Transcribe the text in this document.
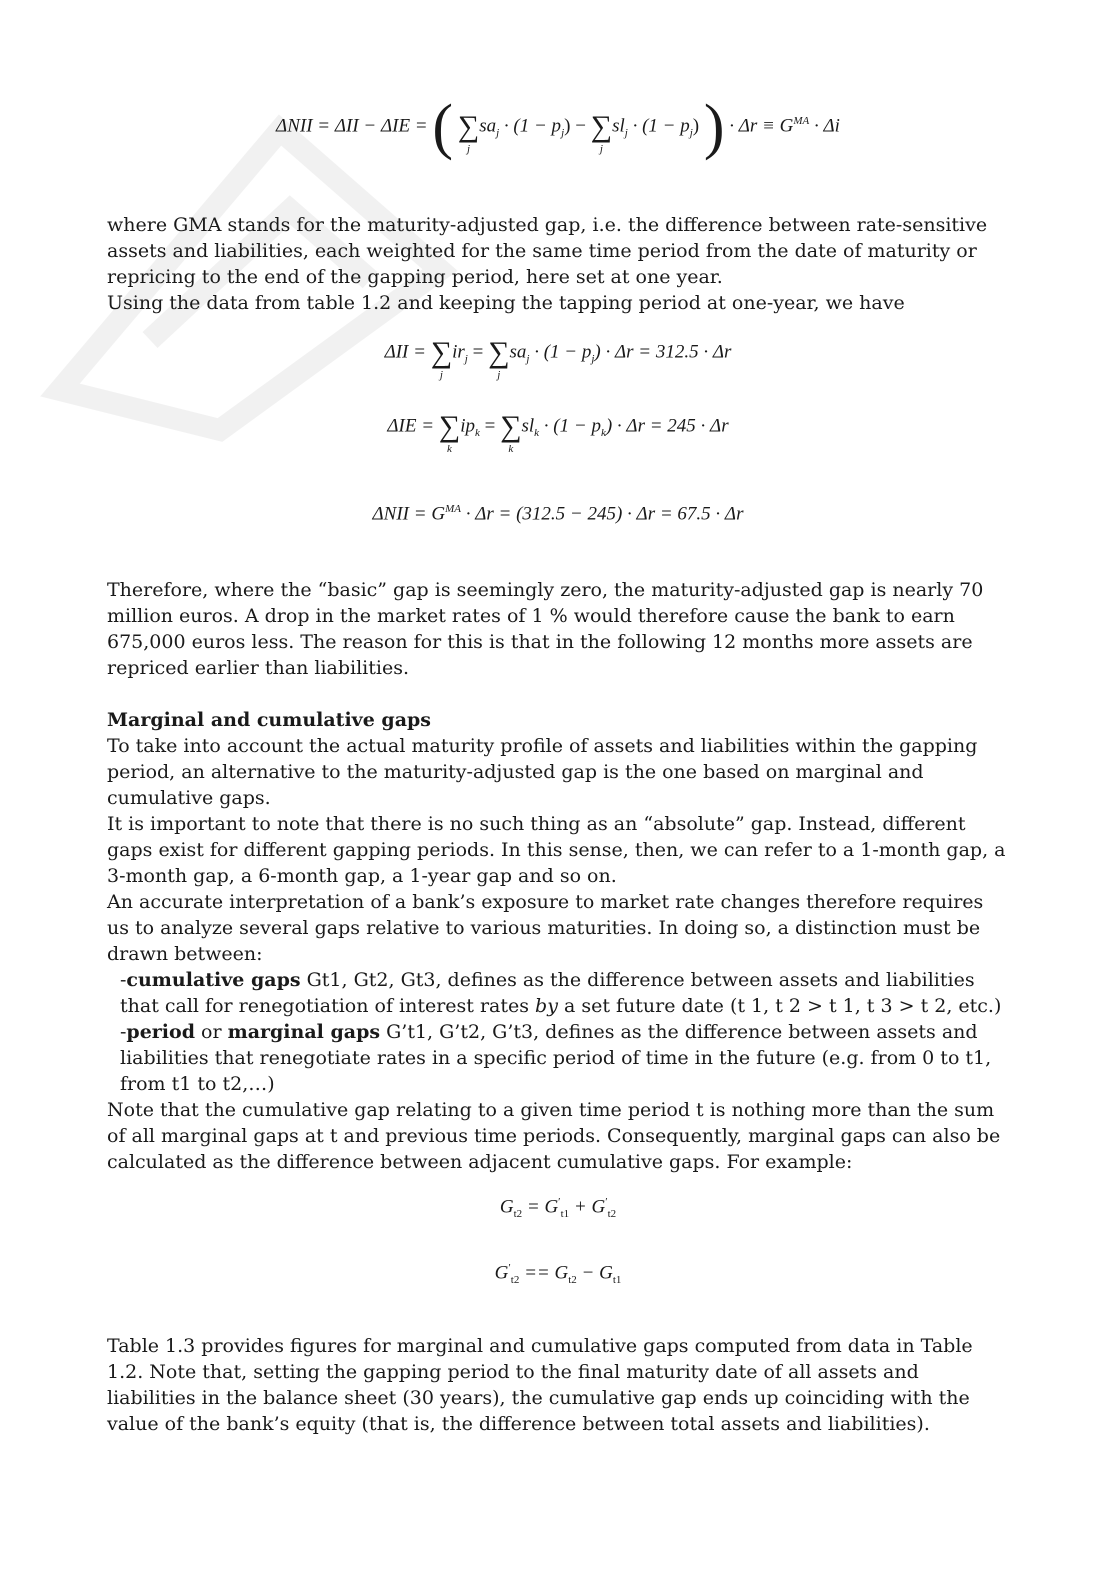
ΔNII = ΔII − ΔIE = ( ∑
j
$sa_j \cdot (1 - p_j)$ − ∑
j
$sl_j \cdot (1 - p_j)$ ) · $\Delta r \equiv G^{MA} \cdot \Delta i$

where GMA stands for the maturity-adjusted gap, i.e. the difference between rate-sensitive assets and liabilities, each weighted for the same time period from the date of maturity or repricing to the end of the gapping period, here set at one year.

Using the data from table 1.2 and keeping the tapping period at one-year, we have

ΔII = ∑
j
$ir_j$ = ∑
j
$sa_j \cdot (1 - p_j) \cdot \Delta r = 312.5 \cdot \Delta r$
ΔIE = ∑
k
$ip_k$ = ∑
k
$sl_k \cdot (1 - p_k) \cdot \Delta r = 245 \cdot \Delta r$
$\Delta NII = G^{MA} \cdot \Delta r = (312.5 - 245) \cdot \Delta r = 67.5 \cdot \Delta r$

Therefore, where the “basic” gap is seemingly zero, the maturity-adjusted gap is nearly 70 million euros. A drop in the market rates of 1 % would therefore cause the bank to earn 675,000 euros less. The reason for this is that in the following 12 months more assets are repriced earlier than liabilities.

Marginal and cumulative gaps

To take into account the actual maturity profile of assets and liabilities within the gapping period, an alternative to the maturity-adjusted gap is the one based on marginal and cumulative gaps.

It is important to note that there is no such thing as an “absolute” gap. Instead, different gaps exist for different gapping periods. In this sense, then, we can refer to a 1-month gap, a 3-month gap, a 6-month gap, a 1-year gap and so on.

An accurate interpretation of a bank’s exposure to market rate changes therefore requires us to analyze several gaps relative to various maturities. In doing so, a distinction must be drawn between:

-cumulative gaps Gt1, Gt2, Gt3, defines as the difference between assets and liabilities that call for renegotiation of interest rates by a set future date (t 1, t 2 > t 1, t 3 > t 2, etc.)

-period or marginal gaps G’t1, G’t2, G’t3, defines as the difference between assets and liabilities that renegotiate rates in a specific period of time in the future (e.g. from 0 to t1, from t1 to t2,…)

Note that the cumulative gap relating to a given time period t is nothing more than the sum of all marginal gaps at t and previous time periods. Consequently, marginal gaps can also be calculated as the difference between adjacent cumulative gaps. For example:

$G_{t2} = G'_{t1} + G'_{t2}$
$G'_{t2} == G_{t2} - G_{t1}$

Table 1.3 provides figures for marginal and cumulative gaps computed from data in Table 1.2. Note that, setting the gapping period to the final maturity date of all assets and liabilities in the balance sheet (30 years), the cumulative gap ends up coinciding with the value of the bank’s equity (that is, the difference between total assets and liabilities).
